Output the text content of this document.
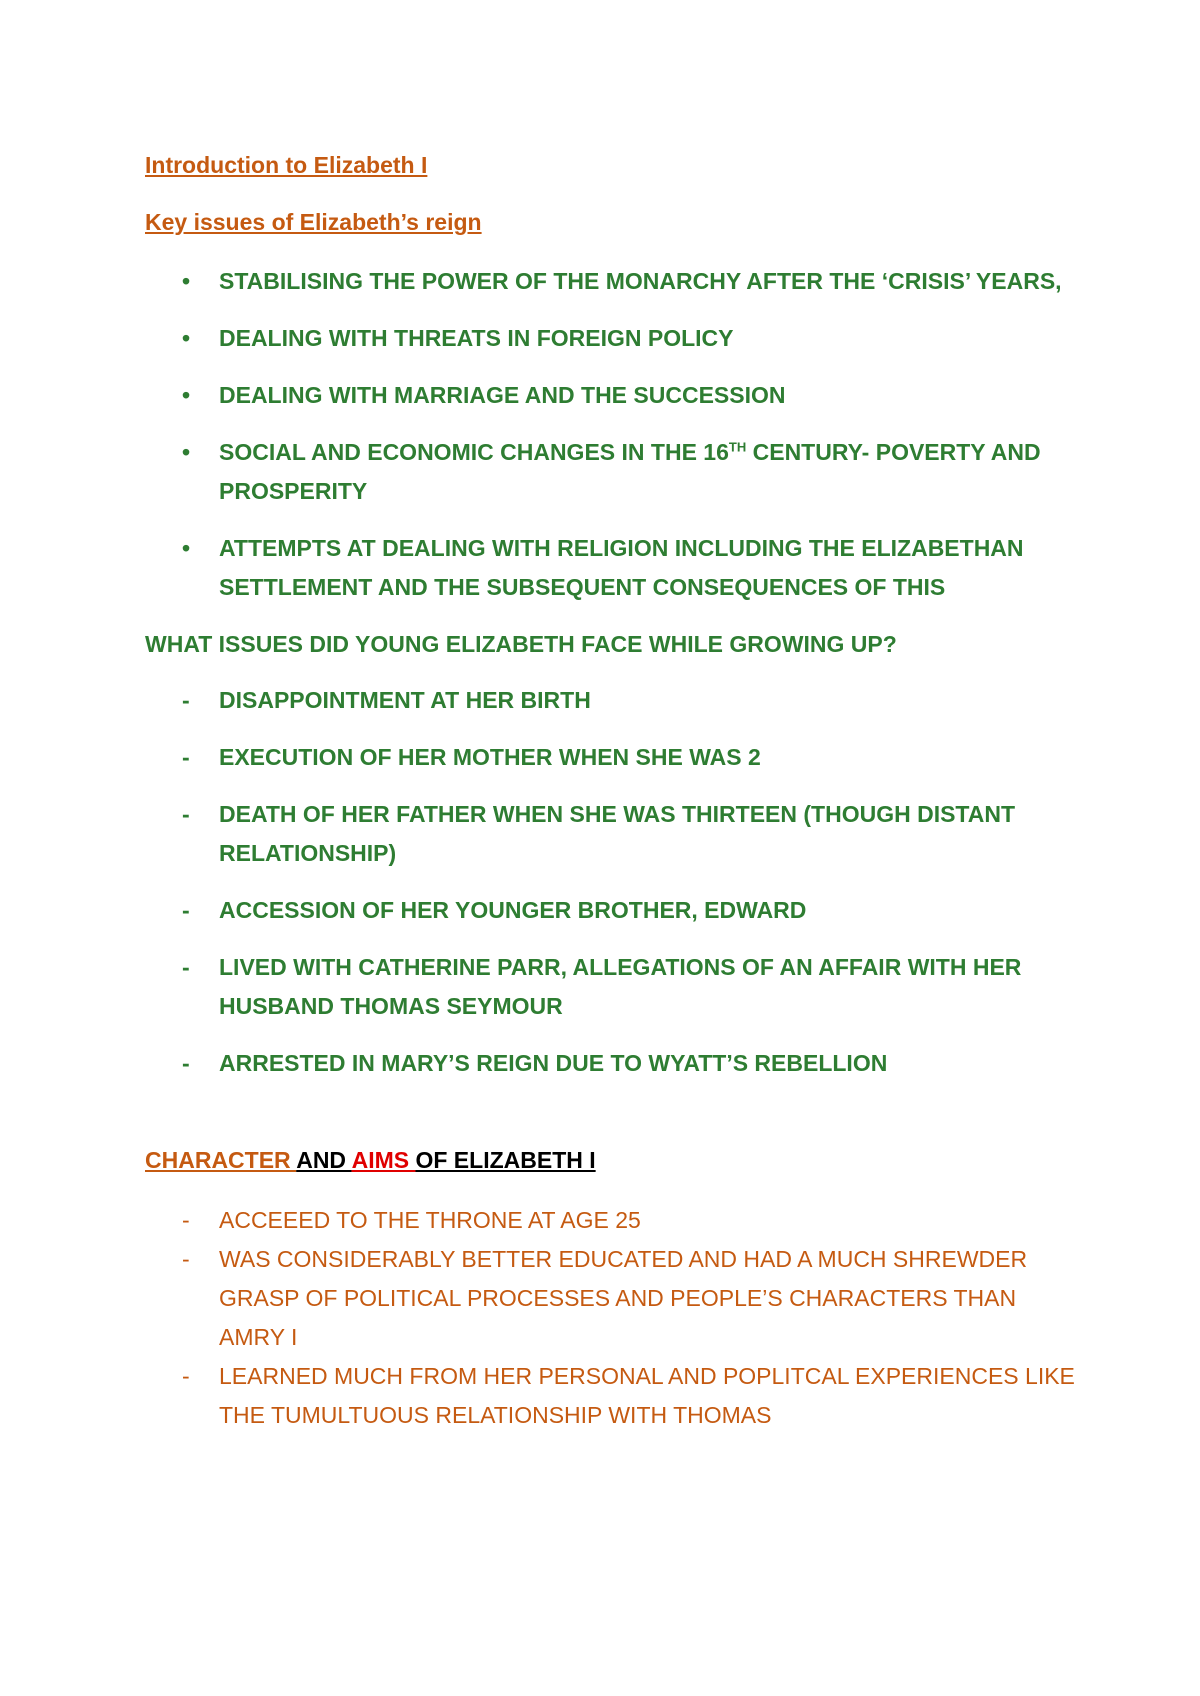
Introduction to Elizabeth I
Key issues of Elizabeth’s reign
• STABILISING THE POWER OF THE MONARCHY AFTER THE ‘CRISIS’ YEARS,
• DEALING WITH THREATS IN FOREIGN POLICY
• DEALING WITH MARRIAGE AND THE SUCCESSION
• SOCIAL AND ECONOMIC CHANGES IN THE 16TH CENTURY- POVERTY AND PROSPERITY
• ATTEMPTS AT DEALING WITH RELIGION INCLUDING THE ELIZABETHAN SETTLEMENT AND THE SUBSEQUENT CONSEQUENCES OF THIS
WHAT ISSUES DID YOUNG ELIZABETH FACE WHILE GROWING UP?
- DISAPPOINTMENT AT HER BIRTH
- EXECUTION OF HER MOTHER WHEN SHE WAS 2
- DEATH OF HER FATHER WHEN SHE WAS THIRTEEN (THOUGH DISTANT RELATIONSHIP)
- ACCESSION OF HER YOUNGER BROTHER, EDWARD
- LIVED WITH CATHERINE PARR, ALLEGATIONS OF AN AFFAIR WITH HER HUSBAND THOMAS SEYMOUR
- ARRESTED IN MARY’S REIGN DUE TO WYATT’S REBELLION
CHARACTER AND AIMS OF ELIZABETH I
- ACCEEED TO THE THRONE AT AGE 25
- WAS CONSIDERABLY BETTER EDUCATED AND HAD A MUCH SHREWDER GRASP OF POLITICAL PROCESSES AND PEOPLE’S CHARACTERS THAN AMRY I
- LEARNED MUCH FROM HER PERSONAL AND POPLITCAL EXPERIENCES LIKE THE TUMULTUOUS RELATIONSHIP WITH THOMAS
